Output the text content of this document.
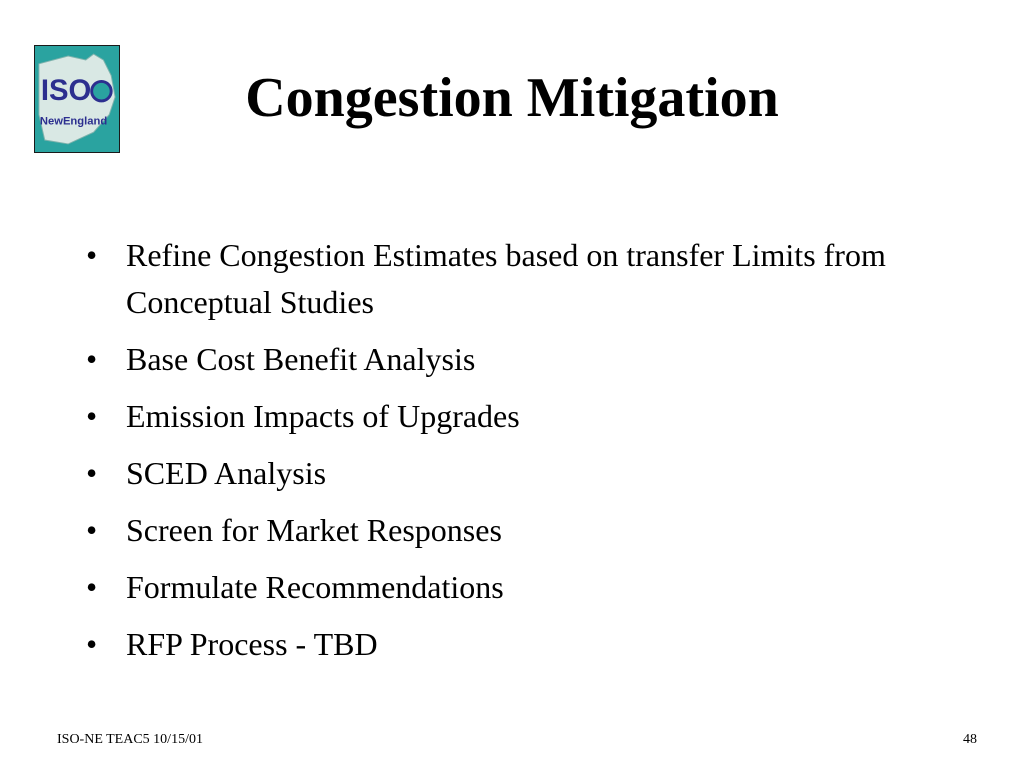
ISO
NewEngland	Congestion Mitigation
• Refine Congestion Estimates based on transfer Limits from Conceptual Studies
• Base Cost Benefit Analysis
• Emission Impacts of Upgrades
• SCED Analysis
• Screen for Market Responses
• Formulate Recommendations
• RFP Process - TBD
ISO-NE TEAC5 10/15/01	48
